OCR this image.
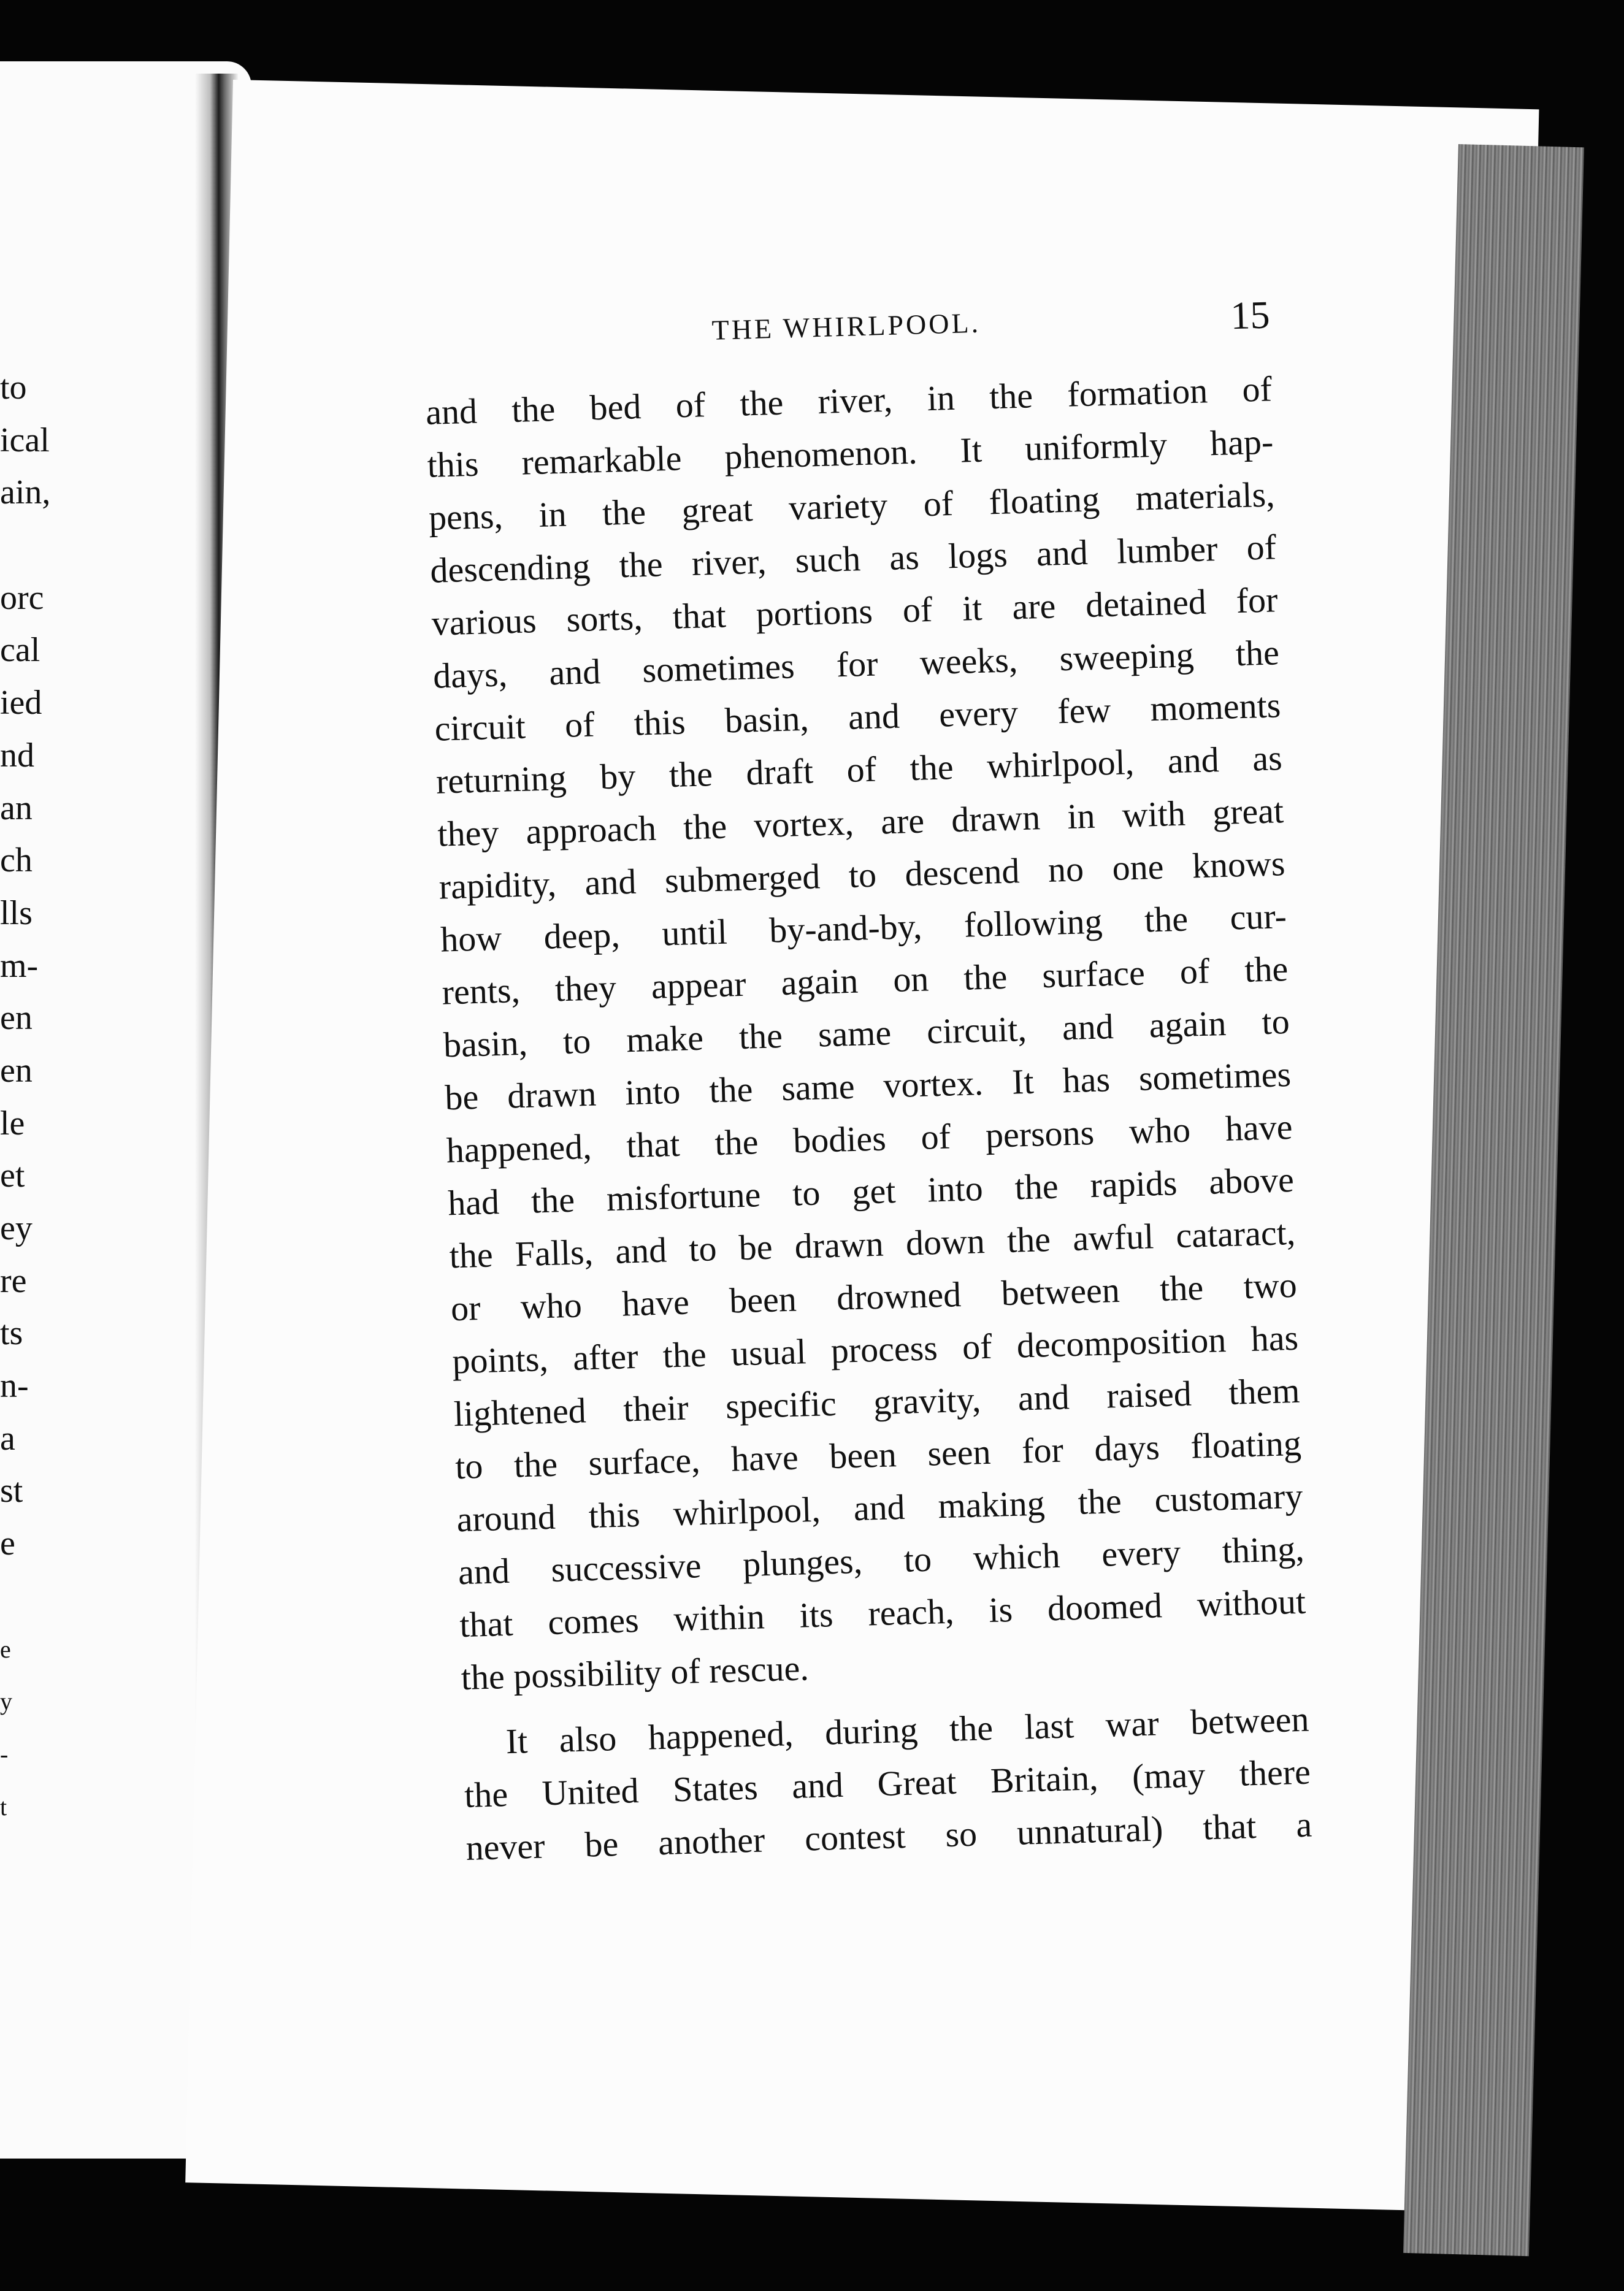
to
ical
ain,
orc
cal
ied
nd
an
ch
lls
m-
en
en
le
et
ey
re
ts
n-
a
st
e
e
y
-
t
THE WHIRLPOOL.	15
and the bed of the river, in the formation of
this remarkable phenomenon. It uniformly hap-
pens, in the great variety of floating materials,
descending the river, such as logs and lumber of
various sorts, that portions of it are detained for
days, and sometimes for weeks, sweeping the
circuit of this basin, and every few moments
returning by the draft of the whirlpool, and as
they approach the vortex, are drawn in with great
rapidity, and submerged to descend no one knows
how deep, until by-and-by, following the cur-
rents, they appear again on the surface of the
basin, to make the same circuit, and again to
be drawn into the same vortex. It has sometimes
happened, that the bodies of persons who have
had the misfortune to get into the rapids above
the Falls, and to be drawn down the awful cataract,
or who have been drowned between the two
points, after the usual process of decomposition has
lightened their specific gravity, and raised them
to the surface, have been seen for days floating
around this whirlpool, and making the customary
and successive plunges, to which every thing,
that comes within its reach, is doomed without
the possibility of rescue.
It also happened, during the last war between
the United States and Great Britain, (may there
never be another contest so unnatural) that a
